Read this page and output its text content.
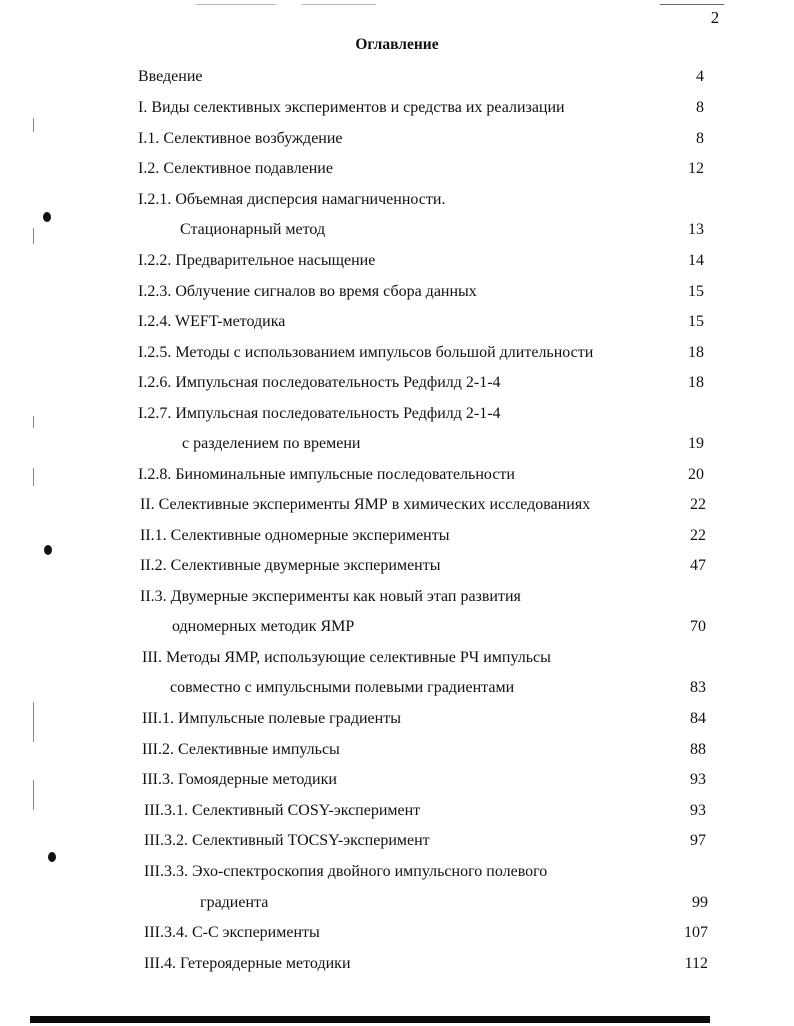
2
Оглавление
Введение	4
I. Виды селективных экспериментов и средства их реализации	8
I.1. Селективное возбуждение	8
I.2. Селективное подавление	12
I.2.1. Объемная дисперсия намагниченности.
Стационарный метод	13
I.2.2. Предварительное насыщение	14
I.2.3. Облучение сигналов во время сбора данных	15
I.2.4. WEFT-методика	15
I.2.5. Методы с использованием импульсов большой длительности	18
I.2.6. Импульсная последовательность Редфилд 2-1-4	18
I.2.7. Импульсная последовательность Редфилд 2-1-4
с разделением по времени	19
I.2.8. Биноминальные импульсные последовательности	20
II. Селективные эксперименты ЯМР в химических исследованиях	22
II.1. Селективные одномерные эксперименты	22
II.2. Селективные двумерные эксперименты	47
II.3. Двумерные эксперименты как новый этап развития
одномерных методик ЯМР	70
III. Методы ЯМР, использующие селективные РЧ импульсы
совместно с импульсными полевыми градиентами	83
III.1. Импульсные полевые градиенты	84
III.2. Селективные импульсы	88
III.3. Гомоядерные методики	93
III.3.1. Селективный COSY-эксперимент	93
III.3.2. Селективный TOCSY-эксперимент	97
III.3.3. Эхо-спектроскопия двойного импульсного полевого
градиента	99
III.3.4. С-С эксперименты	107
III.4. Гетероядерные методики	112
